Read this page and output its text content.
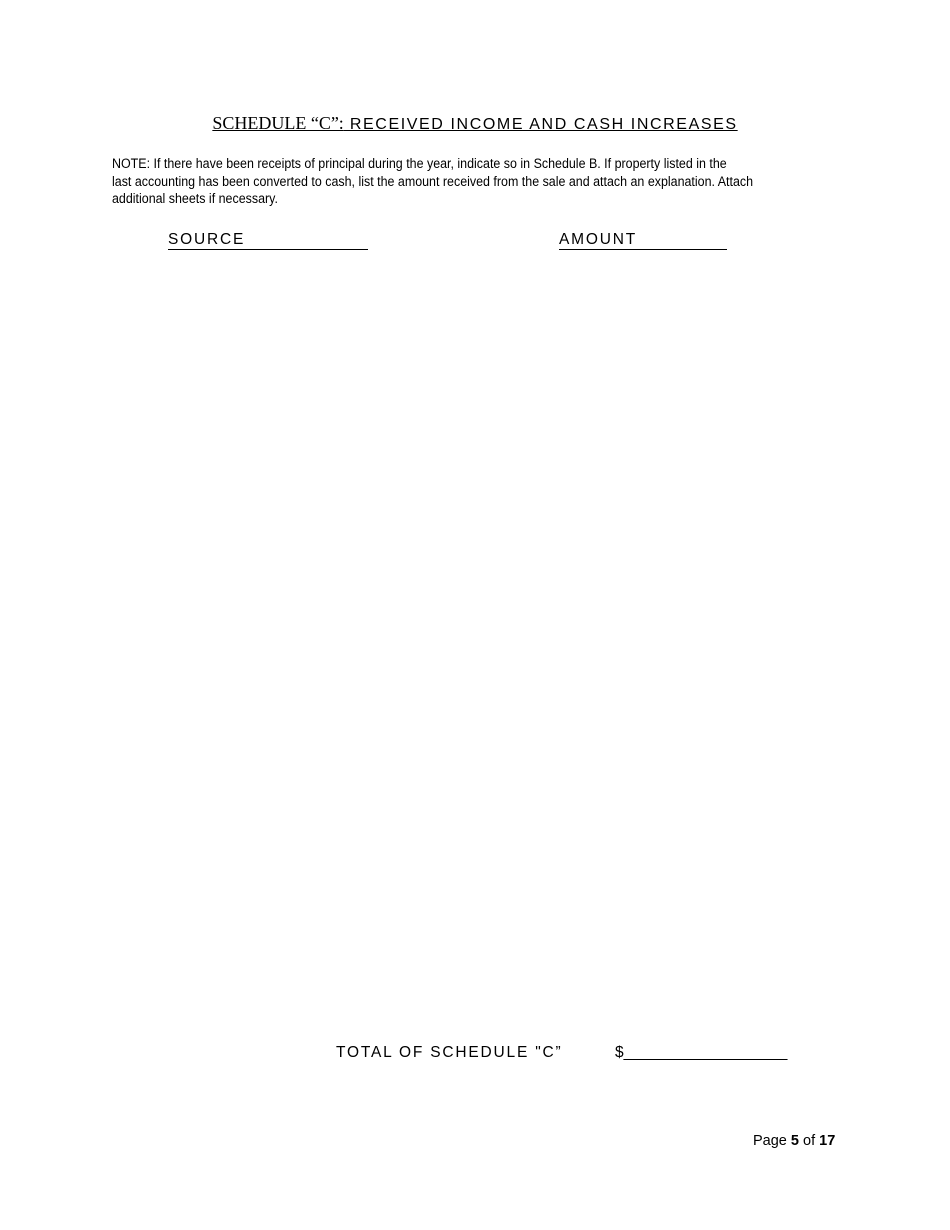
SCHEDULE “C”: RECEIVED INCOME AND CASH INCREASES
NOTE: If there have been receipts of principal during the year, indicate so in Schedule B. If property listed in the
last accounting has been converted to cash, list the amount received from the sale and attach an explanation. Attach
additional sheets if necessary.
SOURCE	AMOUNT
TOTAL OF SCHEDULE "C”	$___________________
Page 5 of 17
